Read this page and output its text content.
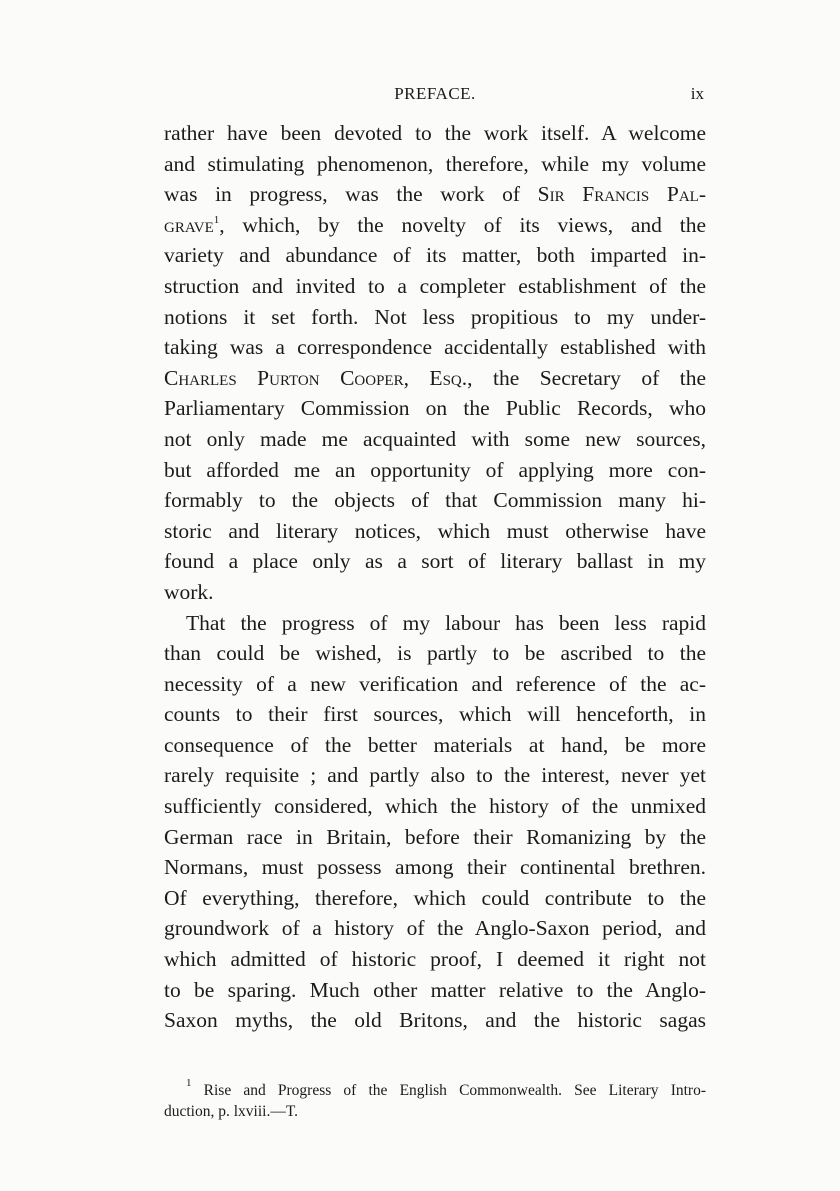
PREFACE.	ix
rather have been devoted to the work itself. A welcome
and stimulating phenomenon, therefore, while my volume
was in progress, was the work of Sir Francis Pal-
grave$^1$, which, by the novelty of its views, and the
variety and abundance of its matter, both imparted in-
struction and invited to a completer establishment of the
notions it set forth. Not less propitious to my under-
taking was a correspondence accidentally established with
Charles Purton Cooper, Esq., the Secretary of the
Parliamentary Commission on the Public Records, who
not only made me acquainted with some new sources,
but afforded me an opportunity of applying more con-
formably to the objects of that Commission many hi-
storic and literary notices, which must otherwise have
found a place only as a sort of literary ballast in my
work.
That the progress of my labour has been less rapid
than could be wished, is partly to be ascribed to the
necessity of a new verification and reference of the ac-
counts to their first sources, which will henceforth, in
consequence of the better materials at hand, be more
rarely requisite ; and partly also to the interest, never yet
sufficiently considered, which the history of the unmixed
German race in Britain, before their Romanizing by the
Normans, must possess among their continental brethren.
Of everything, therefore, which could contribute to the
groundwork of a history of the Anglo-Saxon period, and
which admitted of historic proof, I deemed it right not
to be sparing. Much other matter relative to the Anglo-
Saxon myths, the old Britons, and the historic sagas
$^1$ Rise and Progress of the English Commonwealth. See Literary Intro-
duction, p. lxviii.—T.
